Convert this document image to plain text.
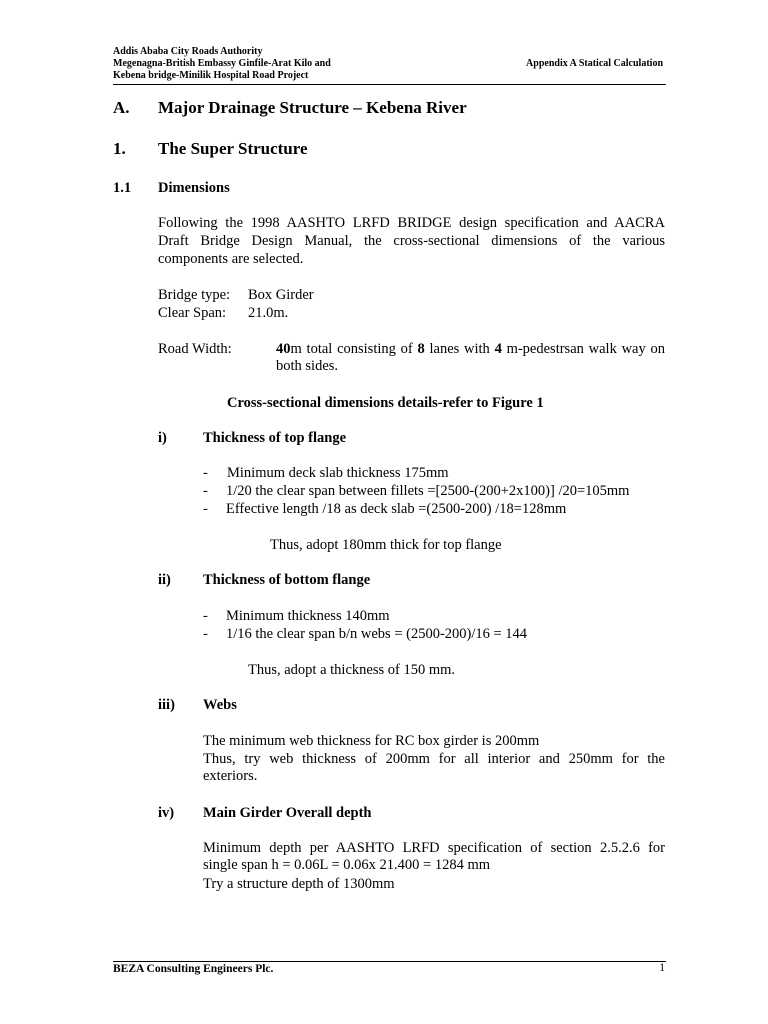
Addis Ababa City Roads Authority
Megenagna-British Embassy Ginfile-Arat Kilo and
Kebena bridge-Minilik Hospital Road Project
Appendix A Statical Calculation
A. Major Drainage Structure – Kebena River
1. The Super Structure
1.1 Dimensions
Following the 1998 AASHTO LRFD BRIDGE design specification and AACRA
Draft Bridge Design Manual, the cross-sectional dimensions of the various
components are selected.
Bridge type: Box Girder
Clear Span: 21.0m.
Road Width:	40m total consisting of 8 lanes with 4 m-pedestrsan walk way on
both sides.
Cross-sectional dimensions details-refer to Figure 1
i) Thickness of top flange
- Minimum deck slab thickness 175mm
- 1/20 the clear span between fillets =[2500-(200+2x100)] /20=105mm
- Effective length /18 as deck slab =(2500-200) /18=128mm
Thus, adopt 180mm thick for top flange
ii) Thickness of bottom flange
- Minimum thickness 140mm
- 1/16 the clear span b/n webs = (2500-200)/16 = 144
Thus, adopt a thickness of 150 mm.
iii) Webs
The minimum web thickness for RC box girder is 200mm
Thus, try web thickness of 200mm for all interior and 250mm for the
exteriors.
iv) Main Girder Overall depth
Minimum depth per AASHTO LRFD specification of section 2.5.2.6 for
single span h = 0.06L = 0.06x 21.400 = 1284 mm
Try a structure depth of 1300mm
BEZA Consulting Engineers Plc.	1
